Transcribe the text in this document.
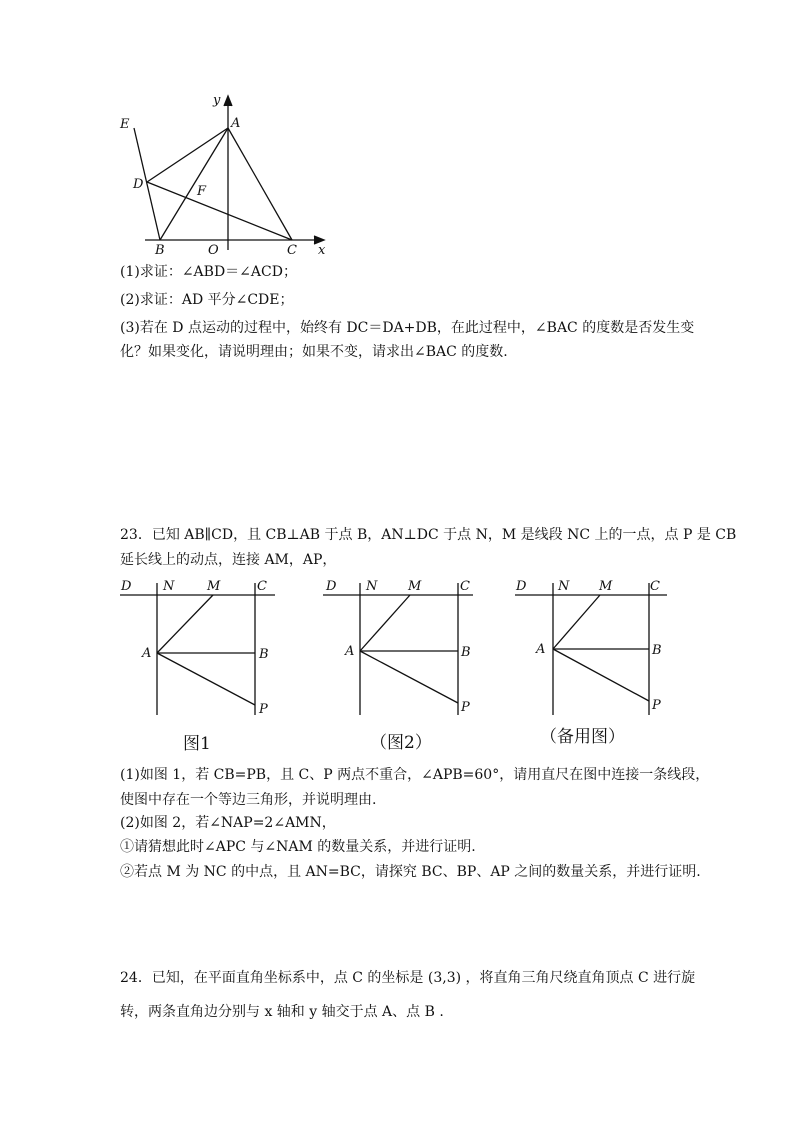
y
A
E
D	F
B	O	C x
(1)求证：∠ABD＝∠ACD；
(2)求证：AD 平分∠CDE；
(3)若在 D 点运动的过程中，始终有 DC＝DA+DB，在此过程中，∠BAC 的度数是否发生变
化？如果变化，请说明理由；如果不变，请求出∠BAC 的度数.
23．已知 AB∥CD，且 CB⊥AB 于点 B，AN⊥DC 于点 N，M 是线段 NC 上的一点，点 P 是 CB
延长线上的动点，连接 AM，AP，
D N	M	C
A	B
P
D N M	C
A	B
P
D N M	C
A	B
P
图1	（图2）	（备用图）
(1)如图 1，若 CB=PB，且 C、P 两点不重合，∠APB=60°，请用直尺在图中连接一条线段，
使图中存在一个等边三角形，并说明理由.
(2)如图 2，若∠NAP=2∠AMN，
①请猜想此时∠APC 与∠NAM 的数量关系，并进行证明.
②若点 M 为 NC 的中点，且 AN=BC，请探究 BC、BP、AP 之间的数量关系，并进行证明.
24．已知，在平面直角坐标系中，点 C 的坐标是 (3,3) ，将直角三角尺绕直角顶点 C 进行旋
转，两条直角边分别与 x 轴和 y 轴交于点 A、点 B .
